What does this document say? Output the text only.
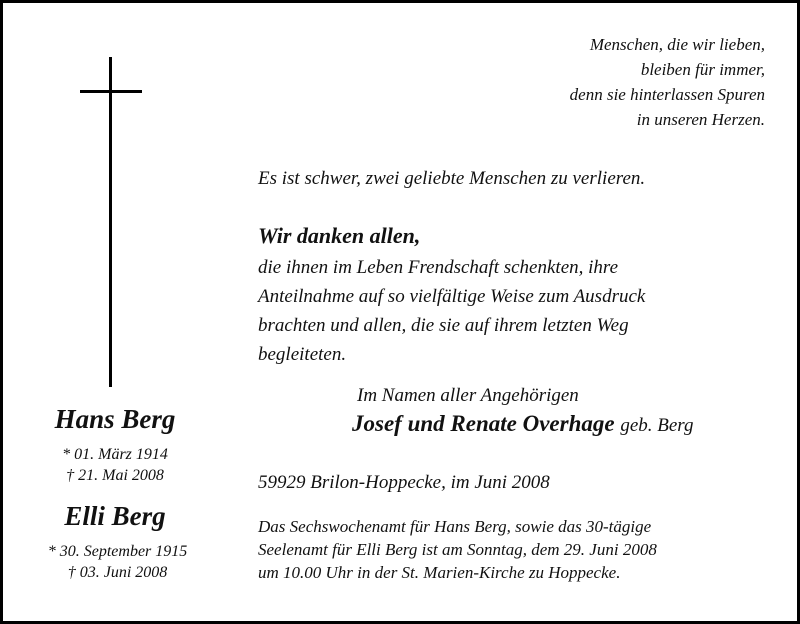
Menschen, die wir lieben,
bleiben für immer,
denn sie hinterlassen Spuren
in unseren Herzen.
Hans Berg
* 01. März 1914
† 21. Mai 2008
Elli Berg
* 30. September 1915
† 03. Juni 2008
Es ist schwer, zwei geliebte Menschen zu verlieren.
Wir danken allen,
die ihnen im Leben Frendschaft schenkten, ihre
Anteilnahme auf so vielfältige Weise zum Ausdruck
brachten und allen, die sie auf ihrem letzten Weg
begleiteten.
Im Namen aller Angehörigen
Josef und Renate Overhage geb. Berg
59929 Brilon-Hoppecke, im Juni 2008
Das Sechswochenamt für Hans Berg, sowie das 30-tägige
Seelenamt für Elli Berg ist am Sonntag, dem 29. Juni 2008
um 10.00 Uhr in der St. Marien-Kirche zu Hoppecke.
